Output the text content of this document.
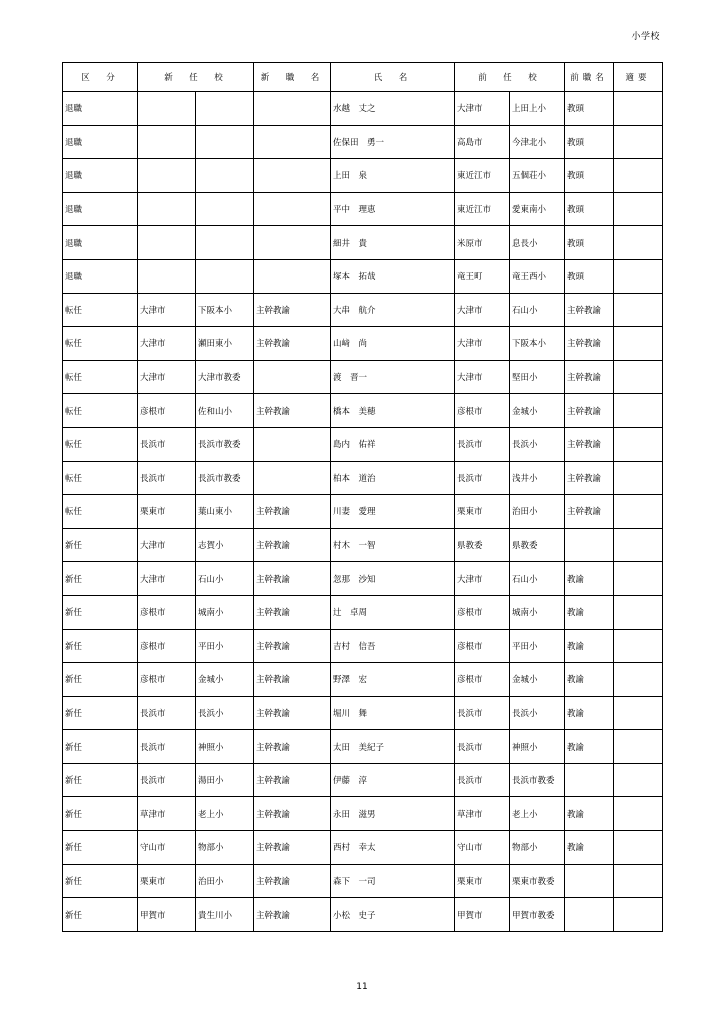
小学校
区　分	新　任　校		新　職　名	氏　名	前　任　校		前職名	適要
退職				水越　丈之	大津市	上田上小	教頭	
退職				佐保田　勇一	高島市	今津北小	教頭	
退職				上田　泉	東近江市	五個荘小	教頭	
退職				平中　理恵	東近江市	愛東南小	教頭	
退職				細井　貴	米原市	息長小	教頭	
退職				塚本　拓哉	竜王町	竜王西小	教頭	
転任	大津市	下阪本小	主幹教諭	大串　航介	大津市	石山小	主幹教諭	
転任	大津市	瀬田東小	主幹教諭	山﨑　尚	大津市	下阪本小	主幹教諭	
転任	大津市	大津市教委		渡　晋一	大津市	堅田小	主幹教諭	
転任	彦根市	佐和山小	主幹教諭	橋本　美穂	彦根市	金城小	主幹教諭	
転任	長浜市	長浜市教委		島内　佑祥	長浜市	長浜小	主幹教諭	
転任	長浜市	長浜市教委		柏本　道治	長浜市	浅井小	主幹教諭	
転任	栗東市	葉山東小	主幹教諭	川妻　愛理	栗東市	治田小	主幹教諭	
新任	大津市	志賀小	主幹教諭	村木　一智	県教委	県教委		
新任	大津市	石山小	主幹教諭	忽那　沙知	大津市	石山小	教諭	
新任	彦根市	城南小	主幹教諭	辻　卓周	彦根市	城南小	教諭	
新任	彦根市	平田小	主幹教諭	吉村　信吾	彦根市	平田小	教諭	
新任	彦根市	金城小	主幹教諭	野澤　宏	彦根市	金城小	教諭	
新任	長浜市	長浜小	主幹教諭	堀川　舞	長浜市	長浜小	教諭	
新任	長浜市	神照小	主幹教諭	太田　美紀子	長浜市	神照小	教諭	
新任	長浜市	湯田小	主幹教諭	伊藤　淳	長浜市	長浜市教委		
新任	草津市	老上小	主幹教諭	永田　滋男	草津市	老上小	教諭	
新任	守山市	物部小	主幹教諭	西村　幸太	守山市	物部小	教諭	
新任	栗東市	治田小	主幹教諭	森下　一司	栗東市	栗東市教委		
新任	甲賀市	貴生川小	主幹教諭	小松　史子	甲賀市	甲賀市教委		
11
